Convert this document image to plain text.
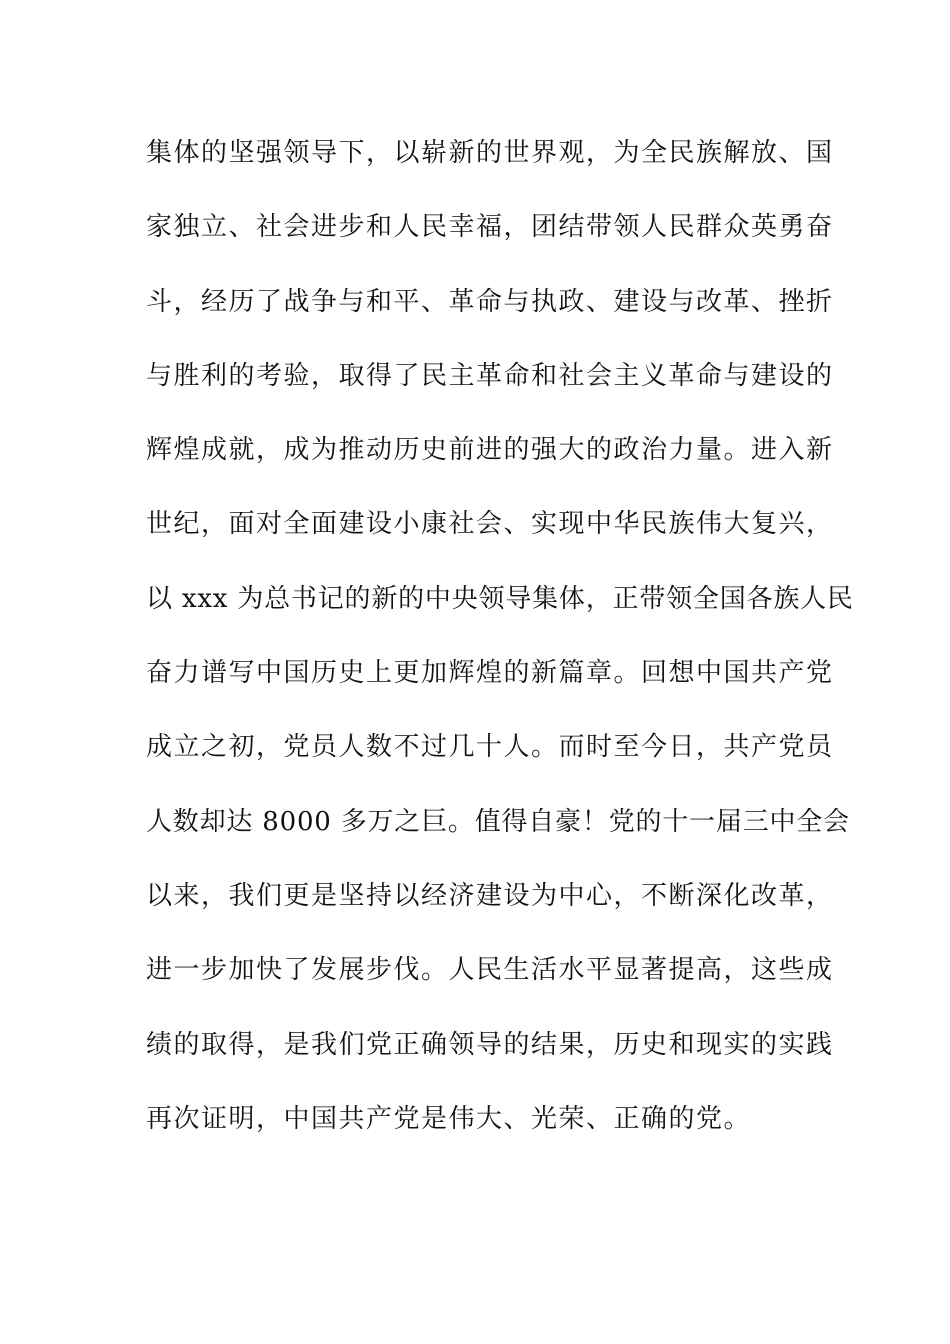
集体的坚强领导下，以崭新的世界观，为全民族解放、国
家独立、社会进步和人民幸福，团结带领人民群众英勇奋
斗，经历了战争与和平、革命与执政、建设与改革、挫折
与胜利的考验，取得了民主革命和社会主义革命与建设的
辉煌成就，成为推动历史前进的强大的政治力量。进入新
世纪，面对全面建设小康社会、实现中华民族伟大复兴，
以 xxx 为总书记的新的中央领导集体，正带领全国各族人民
奋力谱写中国历史上更加辉煌的新篇章。回想中国共产党
成立之初，党员人数不过几十人。而时至今日，共产党员
人数却达 8000 多万之巨。值得自豪！党的十一届三中全会
以来，我们更是坚持以经济建设为中心，不断深化改革，
进一步加快了发展步伐。人民生活水平显著提高，这些成
绩的取得，是我们党正确领导的结果，历史和现实的实践
再次证明，中国共产党是伟大、光荣、正确的党。
